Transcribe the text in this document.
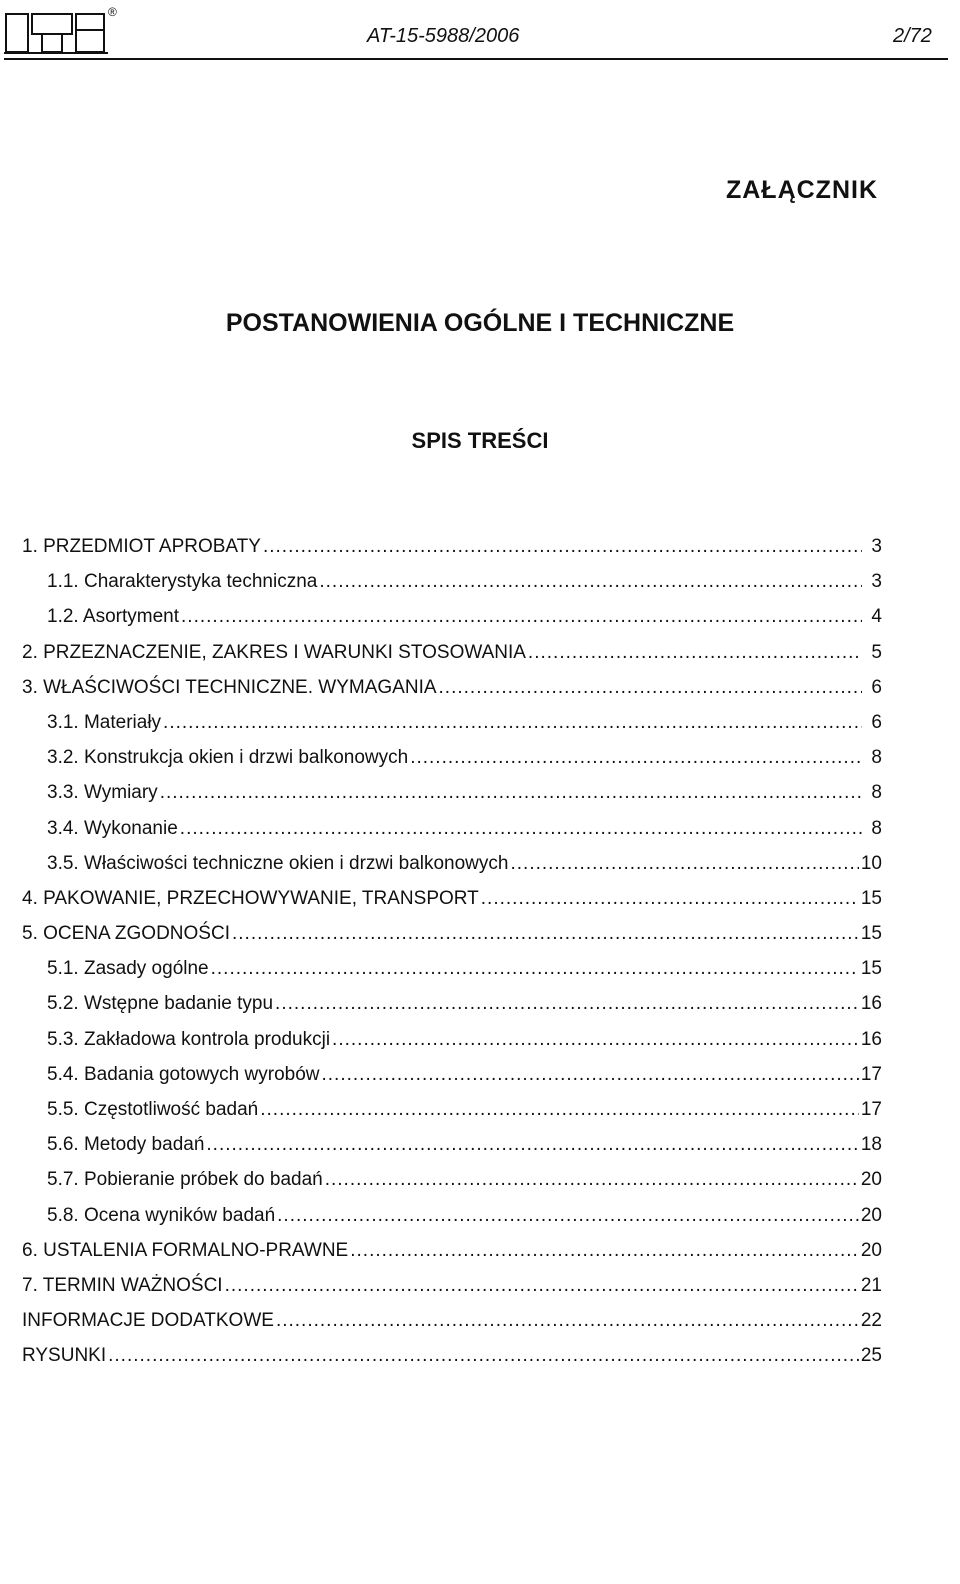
®
AT-15-5988/2006	2/72
ZAŁĄCZNIK
POSTANOWIENIA OGÓLNE I TECHNICZNE
SPIS TREŚCI
1. PRZEDMIOT APROBATY .....	3
1.1. Charakterystyka techniczna .....	3
1.2. Asortyment .....	4
2. PRZEZNACZENIE, ZAKRES I WARUNKI STOSOWANIA .....	5
3. WŁAŚCIWOŚCI TECHNICZNE. WYMAGANIA .....	6
3.1. Materiały .....	6
3.2. Konstrukcja okien i drzwi balkonowych .....	8
3.3. Wymiary .....	8
3.4. Wykonanie .....	8
3.5. Właściwości techniczne okien i drzwi balkonowych .....	10
4. PAKOWANIE, PRZECHOWYWANIE, TRANSPORT .....	15
5. OCENA ZGODNOŚCI .....	15
5.1. Zasady ogólne .....	15
5.2. Wstępne badanie typu .....	16
5.3. Zakładowa kontrola produkcji .....	16
5.4. Badania gotowych wyrobów .....	17
5.5. Częstotliwość badań .....	17
5.6. Metody badań .....	18
5.7. Pobieranie próbek do badań .....	20
5.8. Ocena wyników badań .....	20
6. USTALENIA FORMALNO-PRAWNE .....	20
7. TERMIN WAŻNOŚCI .....	21
INFORMACJE DODATKOWE .....	22
RYSUNKI .....	25
